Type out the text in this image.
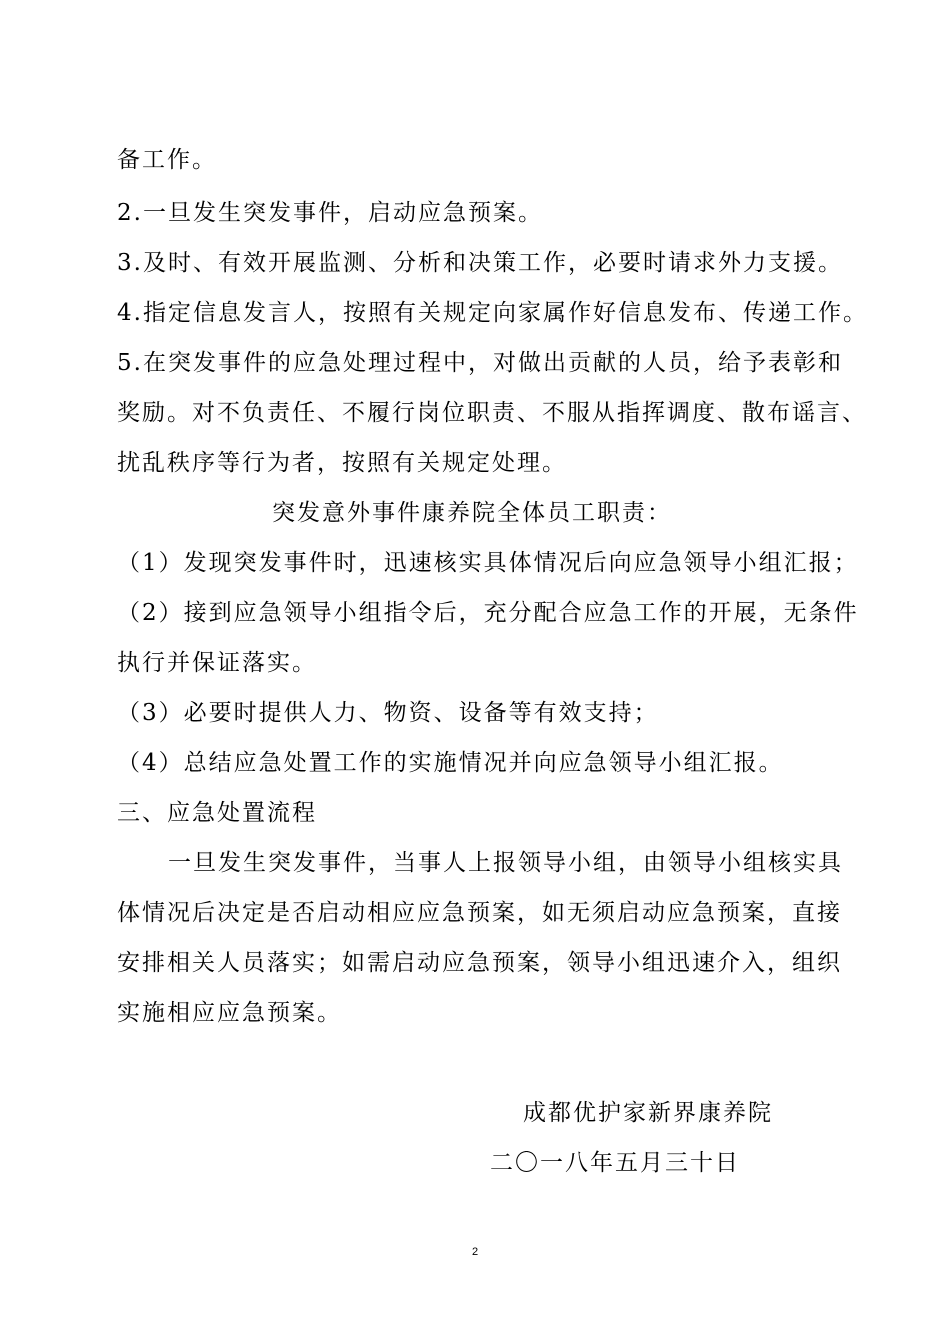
备工作。
2.一旦发生突发事件，启动应急预案。
3.及时、有效开展监测、分析和决策工作，必要时请求外力支援。
4.指定信息发言人，按照有关规定向家属作好信息发布、传递工作。
5.在突发事件的应急处理过程中，对做出贡献的人员，给予表彰和
奖励。对不负责任、不履行岗位职责、不服从指挥调度、散布谣言、
扰乱秩序等行为者，按照有关规定处理。
突发意外事件康养院全体员工职责：
（1）发现突发事件时，迅速核实具体情况后向应急领导小组汇报；
（2）接到应急领导小组指令后，充分配合应急工作的开展，无条件
执行并保证落实。
（3）必要时提供人力、物资、设备等有效支持；
（4）总结应急处置工作的实施情况并向应急领导小组汇报。
三、应急处置流程
一旦发生突发事件，当事人上报领导小组，由领导小组核实具
体情况后决定是否启动相应应急预案，如无须启动应急预案，直接
安排相关人员落实；如需启动应急预案，领导小组迅速介入，组织
实施相应应急预案。
成都优护家新界康养院
二〇一八年五月三十日
2
